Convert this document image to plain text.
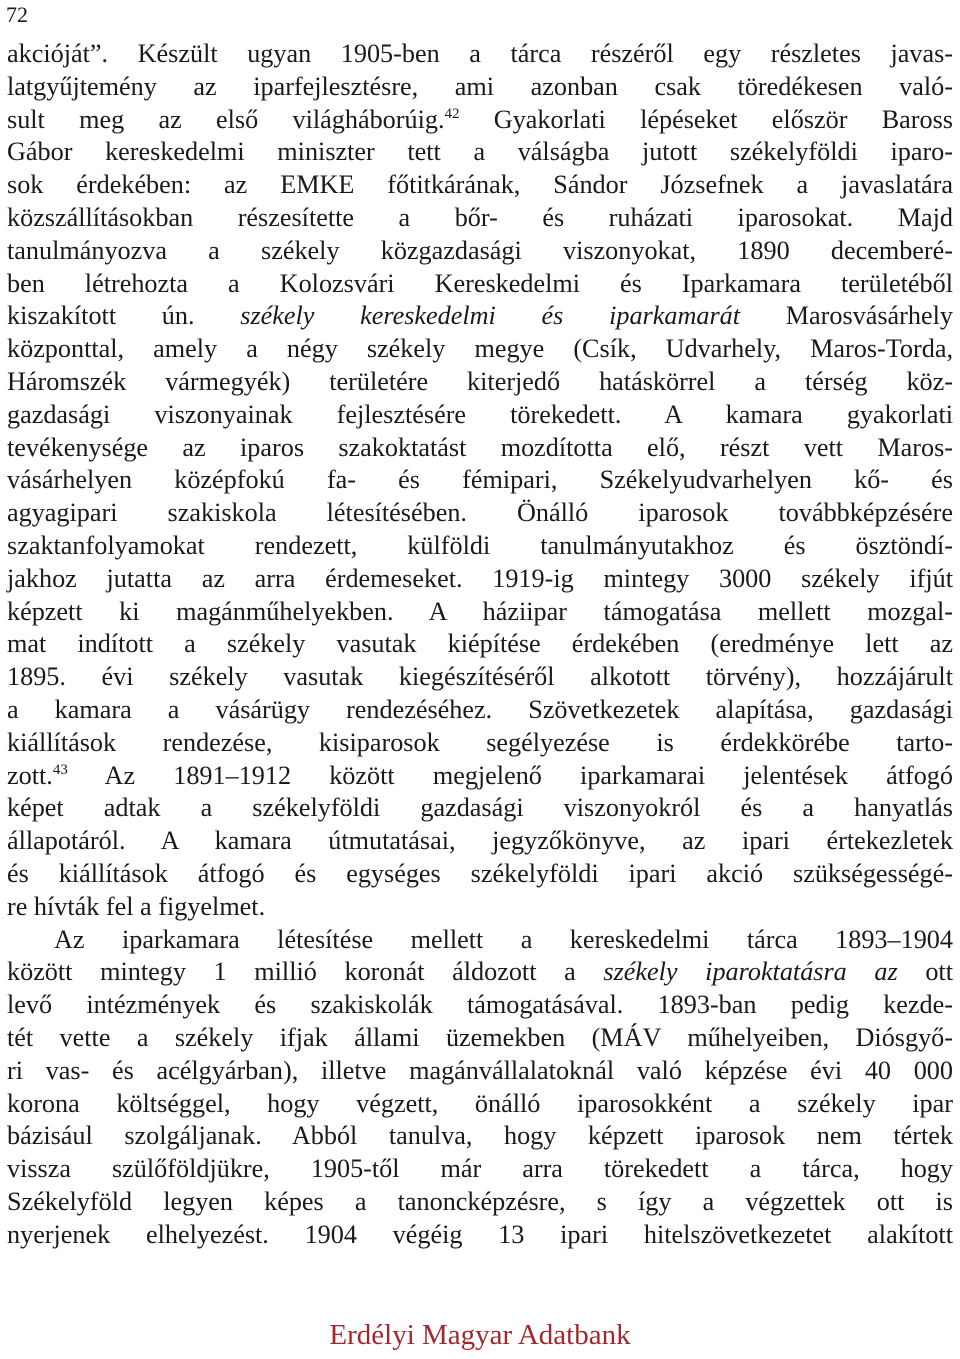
72
akcióját”. Készült ugyan 1905-ben a tárca részéről egy részletes javas-
latgyűjtemény az iparfejlesztésre, ami azonban csak töredékesen való-
sult meg az első világháborúig.$^{42}$ Gyakorlati lépéseket először Baross
Gábor kereskedelmi miniszter tett a válságba jutott székelyföldi iparo-
sok érdekében: az EMKE főtitkárának, Sándor Józsefnek a javaslatára
közszállításokban részesítette a bőr- és ruházati iparosokat. Majd
tanulmányozva a székely közgazdasági viszonyokat, 1890 decemberé-
ben létrehozta a Kolozsvári Kereskedelmi és Iparkamara területéből
kiszakított ún. székely kereskedelmi és iparkamarát Marosvásárhely
központtal, amely a négy székely megye (Csík, Udvarhely, Maros-Torda,
Háromszék vármegyék) területére kiterjedő hatáskörrel a térség köz-
gazdasági viszonyainak fejlesztésére törekedett. A kamara gyakorlati
tevékenysége az iparos szakoktatást mozdította elő, részt vett Maros-
vásárhelyen középfokú fa- és fémipari, Székelyudvarhelyen kő- és
agyagipari szakiskola létesítésében. Önálló iparosok továbbképzésére
szaktanfolyamokat rendezett, külföldi tanulmányutakhoz és ösztöndí-
jakhoz jutatta az arra érdemeseket. 1919-ig mintegy 3000 székely ifjút
képzett ki magánműhelyekben. A háziipar támogatása mellett mozgal-
mat indított a székely vasutak kiépítése érdekében (eredménye lett az
1895. évi székely vasutak kiegészítéséről alkotott törvény), hozzájárult
a kamara a vásárügy rendezéséhez. Szövetkezetek alapítása, gazdasági
kiállítások rendezése, kisiparosok segélyezése is érdekkörébe tarto-
zott.$^{43}$ Az 1891–1912 között megjelenő iparkamarai jelentések átfogó
képet adtak a székelyföldi gazdasági viszonyokról és a hanyatlás
állapotáról. A kamara útmutatásai, jegyzőkönyve, az ipari értekezletek
és kiállítások átfogó és egységes székelyföldi ipari akció szükségességé-
re hívták fel a figyelmet.
Az iparkamara létesítése mellett a kereskedelmi tárca 1893–1904
között mintegy 1 millió koronát áldozott a székely iparoktatásra az ott
levő intézmények és szakiskolák támogatásával. 1893-ban pedig kezde-
tét vette a székely ifjak állami üzemekben (MÁV műhelyeiben, Diósgyő-
ri vas- és acélgyárban), illetve magánvállalatoknál való képzése évi 40 000
korona költséggel, hogy végzett, önálló iparosokként a székely ipar
bázisául szolgáljanak. Abból tanulva, hogy képzett iparosok nem tértek
vissza szülőföldjükre, 1905-től már arra törekedett a tárca, hogy
Székelyföld legyen képes a tanoncképzésre, s így a végzettek ott is
nyerjenek elhelyezést. 1904 végéig 13 ipari hitelszövetkezetet alakított
Erdélyi Magyar Adatbank
